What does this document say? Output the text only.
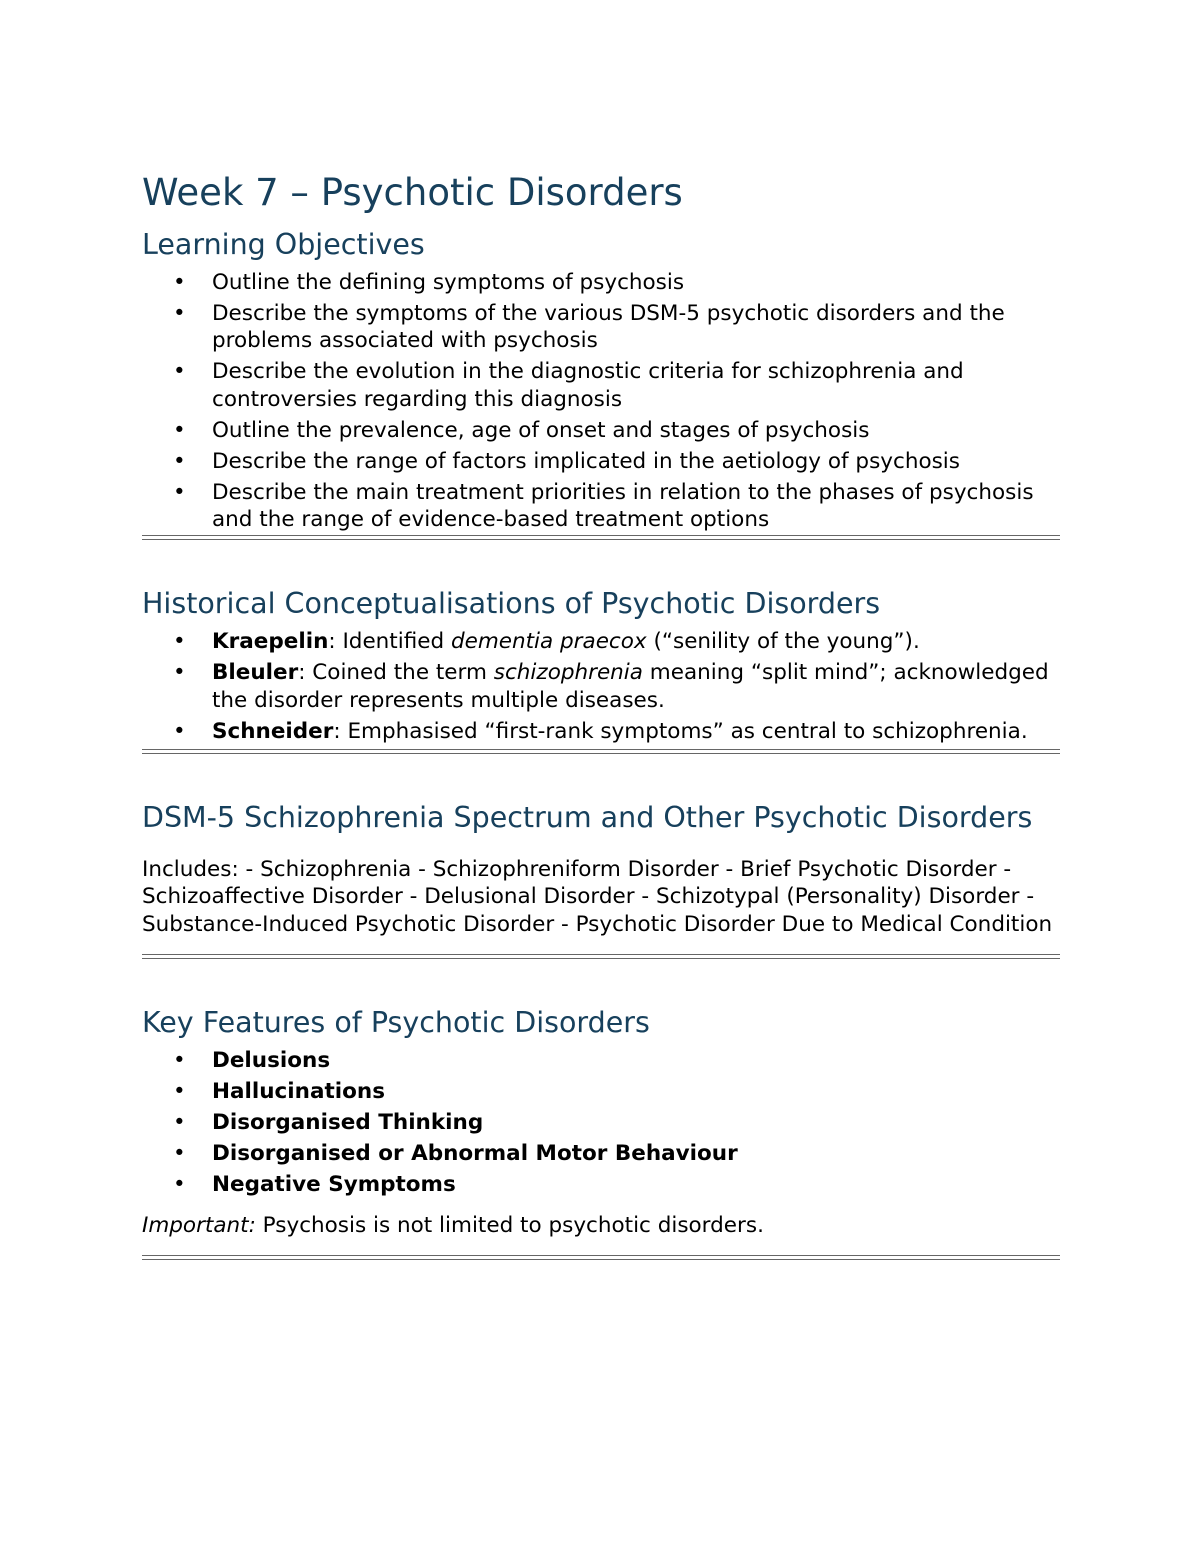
Week 7 – Psychotic Disorders
Learning Objectives
•
Outline the defining symptoms of psychosis
•
Describe the symptoms of the various DSM-5 psychotic disorders and the problems associated with psychosis
•
Describe the evolution in the diagnostic criteria for schizophrenia and controversies regarding this diagnosis
•
Outline the prevalence, age of onset and stages of psychosis
•
Describe the range of factors implicated in the aetiology of psychosis
•
Describe the main treatment priorities in relation to the phases of psychosis and the range of evidence-based treatment options
Historical Conceptualisations of Psychotic Disorders
•
Kraepelin: Identified dementia praecox (“senility of the young”).
•
Bleuler: Coined the term schizophrenia meaning “split mind”; acknowledged the disorder represents multiple diseases.
•
Schneider: Emphasised “first-rank symptoms” as central to schizophrenia.
DSM-5 Schizophrenia Spectrum and Other Psychotic Disorders

Includes: - Schizophrenia - Schizophreniform Disorder - Brief Psychotic Disorder - Schizoaffective Disorder - Delusional Disorder - Schizotypal (Personality) Disorder - Substance-Induced Psychotic Disorder - Psychotic Disorder Due to Medical Condition

Key Features of Psychotic Disorders
•
Delusions
•
Hallucinations
•
Disorganised Thinking
•
Disorganised or Abnormal Motor Behaviour
•
Negative Symptoms

Important: Psychosis is not limited to psychotic disorders.
